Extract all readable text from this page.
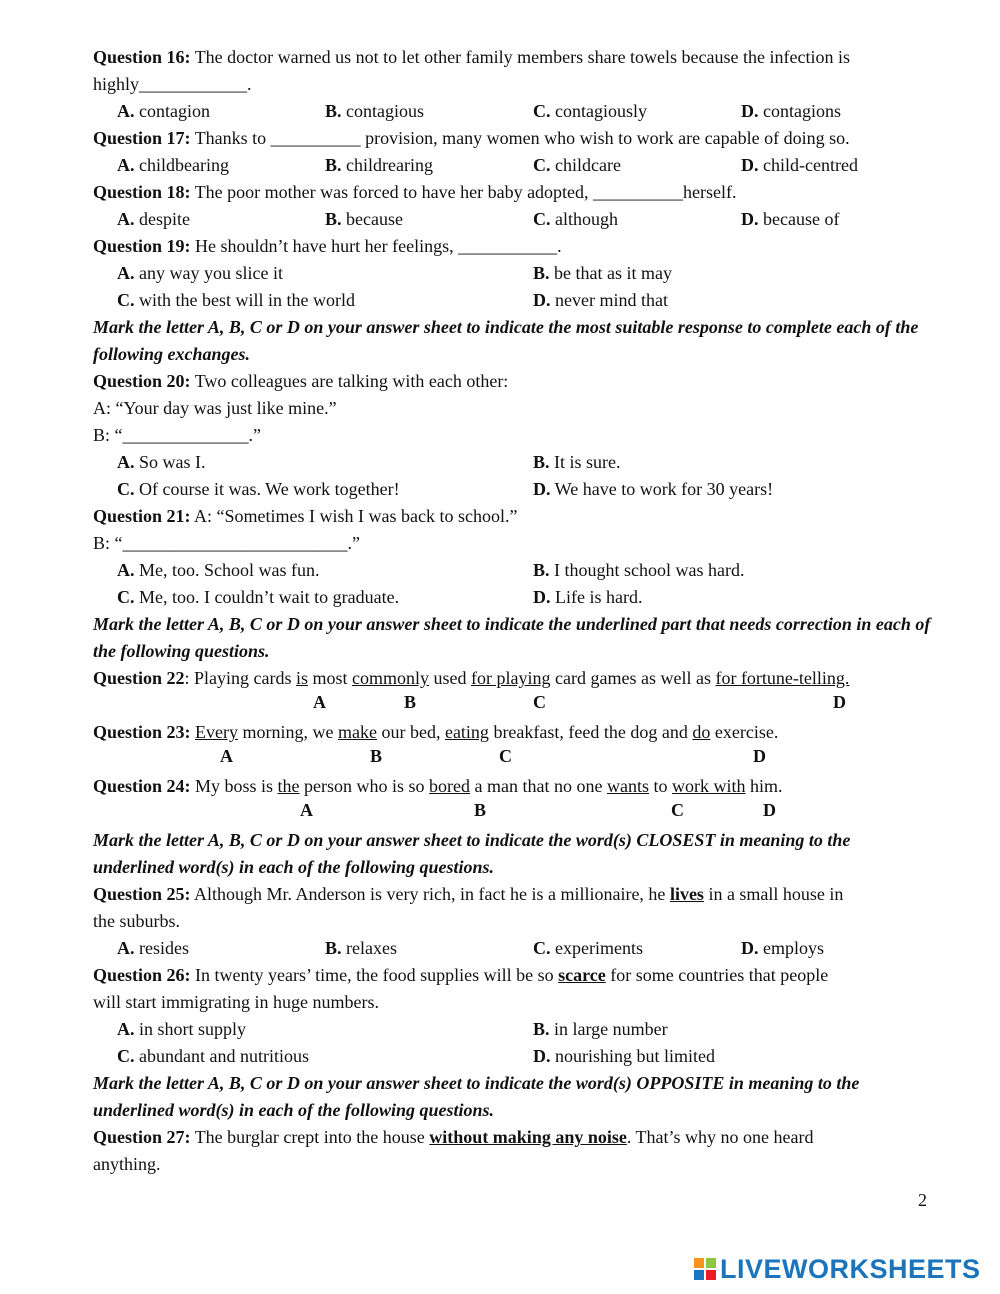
Question 16: The doctor warned us not to let other family members share towels because the infection is
highly____________.
A. contagion	B. contagious	C. contagiously	D. contagions
Question 17: Thanks to __________ provision, many women who wish to work are capable of doing so.
A. childbearing	B. childrearing	C. childcare	D. child-centred
Question 18: The poor mother was forced to have her baby adopted, __________herself.
A. despite	B. because	C. although	D. because of
Question 19: He shouldn’t have hurt her feelings, ___________.
A. any way you slice it	B. be that as it may
C. with the best will in the world	D. never mind that
Mark the letter A, B, C or D on your answer sheet to indicate the most suitable response to complete each of the following exchanges.
Question 20: Two colleagues are talking with each other:
A: “Your day was just like mine.”
B: “______________.”
A. So was I.	B. It is sure.
C. Of course it was. We work together!	D. We have to work for 30 years!
Question 21: A: “Sometimes I wish I was back to school.”
B: “_________________________.”
A. Me, too. School was fun.	B. I thought school was hard.
C. Me, too. I couldn’t wait to graduate.	D. Life is hard.
Mark the letter A, B, C or D on your answer sheet to indicate the underlined part that needs correction in each of the following questions.
Question 22: Playing cards is most commonly used for playing card games as well as for fortune-telling.
A	B	C	D
Question 23: Every morning, we make our bed, eating breakfast, feed the dog and do exercise.
A	B	C	D
Question 24: My boss is the person who is so bored a man that no one wants to work with him.
A	B	C	D
Mark the letter A, B, C or D on your answer sheet to indicate the word(s) CLOSEST in meaning to the underlined word(s) in each of the following questions.
Question 25: Although Mr. Anderson is very rich, in fact he is a millionaire, he lives in a small house in
the suburbs.
A. resides	B. relaxes	C. experiments	D. employs
Question 26: In twenty years’ time, the food supplies will be so scarce for some countries that people
will start immigrating in huge numbers.
A. in short supply	B. in large number
C. abundant and nutritious	D. nourishing but limited
Mark the letter A, B, C or D on your answer sheet to indicate the word(s) OPPOSITE in meaning to the underlined word(s) in each of the following questions.
Question 27: The burglar crept into the house without making any noise. That’s why no one heard
anything.
2
LIVEWORKSHEETS
